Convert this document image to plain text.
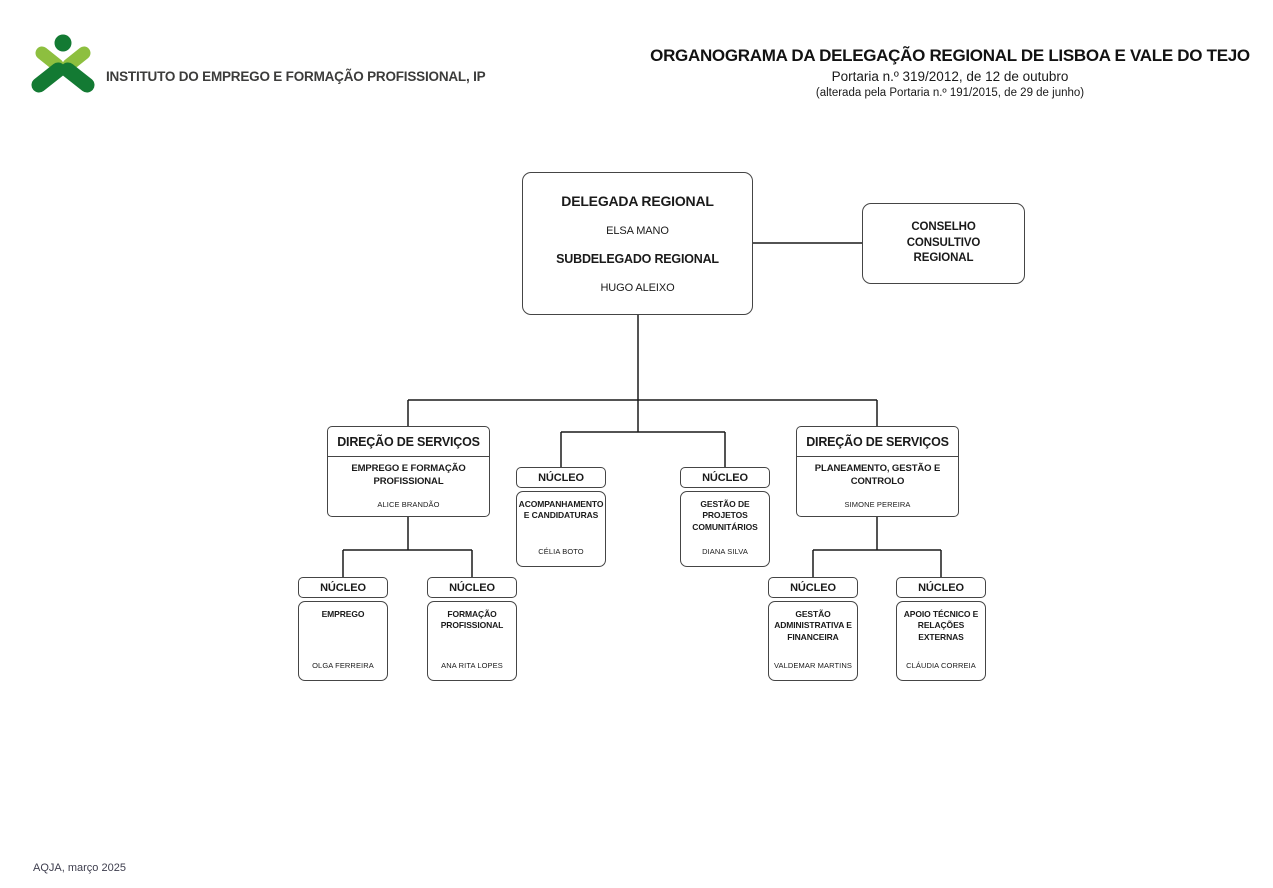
INSTITUTO DO EMPREGO E FORMAÇÃO PROFISSIONAL, IP
ORGANOGRAMA DA DELEGAÇÃO REGIONAL DE LISBOA E VALE DO TEJO
Portaria n.º 319/2012, de 12 de outubro
(alterada pela Portaria n.º 191/2015, de 29 de junho)
DELEGADA REGIONAL
ELSA MANO
SUBDELEGADO REGIONAL
HUGO ALEIXO
CONSELHO CONSULTIVO REGIONAL
DIREÇÃO DE SERVIÇOS
EMPREGO E FORMAÇÃO PROFISSIONAL
ALICE BRANDÃO
DIREÇÃO DE SERVIÇOS
PLANEAMENTO, GESTÃO E CONTROLO
SIMONE PEREIRA
NÚCLEO
ACOMPANHAMENTO E CANDIDATURAS
CÉLIA BOTO
NÚCLEO
GESTÃO DE PROJETOS COMUNITÁRIOS
DIANA SILVA
NÚCLEO
EMPREGO
OLGA FERREIRA
NÚCLEO
FORMAÇÃO PROFISSIONAL
ANA RITA LOPES
NÚCLEO
GESTÃO ADMINISTRATIVA E FINANCEIRA
VALDEMAR MARTINS
NÚCLEO
APOIO TÉCNICO E RELAÇÕES EXTERNAS
CLÁUDIA CORREIA
AQJA, março 2025
